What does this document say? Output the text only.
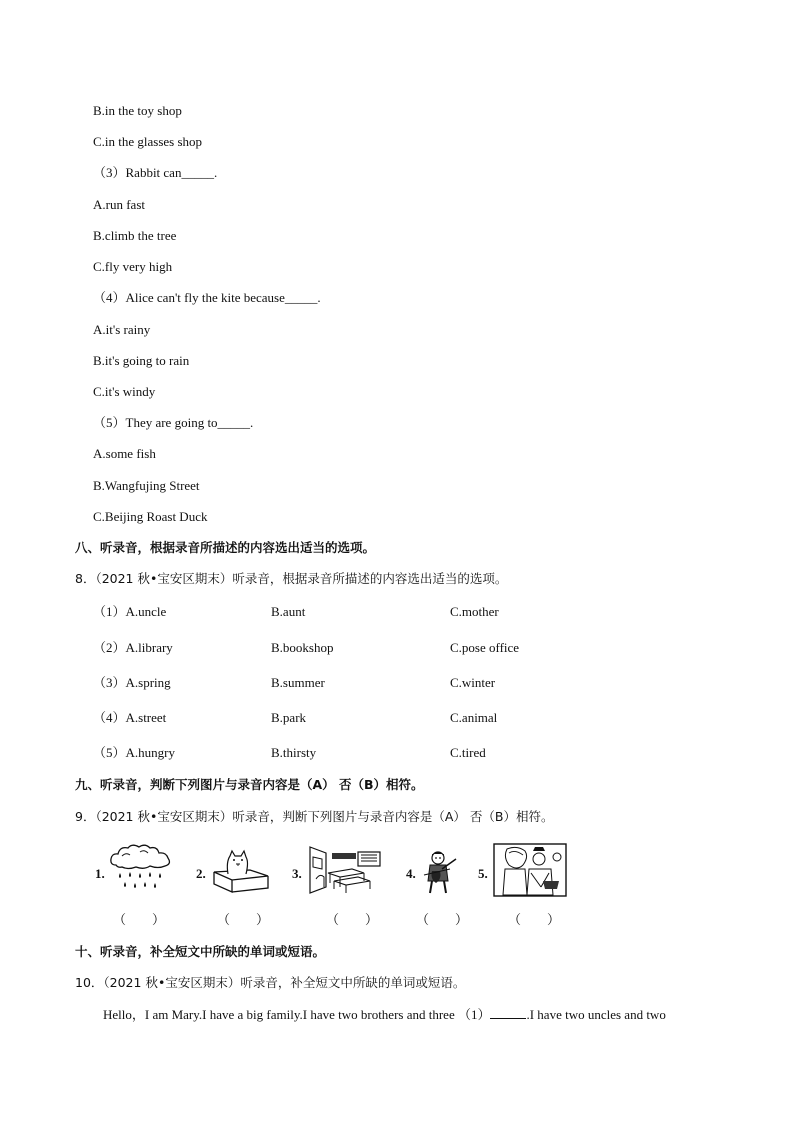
B.in the toy shop
C.in the glasses shop
（3）Rabbit can_____.
A.run fast
B.climb the tree
C.fly very high
（4）Alice can't fly the kite because_____.
A.it's rainy
B.it's going to rain
C.it's windy
（5）They are going to_____.
A.some fish
B.Wangfujing Street
C.Beijing Roast Duck
八、听录音，根据录音所描述的内容选出适当的选项。
8．（2021 秋•宝安区期末）听录音，根据录音所描述的内容选出适当的选项。
（1）A.uncle	B.aunt	C.mother
（2）A.library	B.bookshop	C.pose office
（3）A.spring	B.summer	C.winter
（4）A.street	B.park	C.animal
（5）A.hungry	B.thirsty	C.tired
九、听录音，判断下列图片与录音内容是（A） 否（B）相符。
9．（2021 秋•宝安区期末）听录音，判断下列图片与录音内容是（A） 否（B）相符。
1.
（　　）
2.
（　　）
3.
（　　）
4.
（　　）
5.
（　　）
十、听录音，补全短文中所缺的单词或短语。
10．（2021 秋•宝安区期末）听录音，补全短文中所缺的单词或短语。
Hello，I am Mary.I have a big family.I have two brothers and three （1）	.I have two uncles and two
